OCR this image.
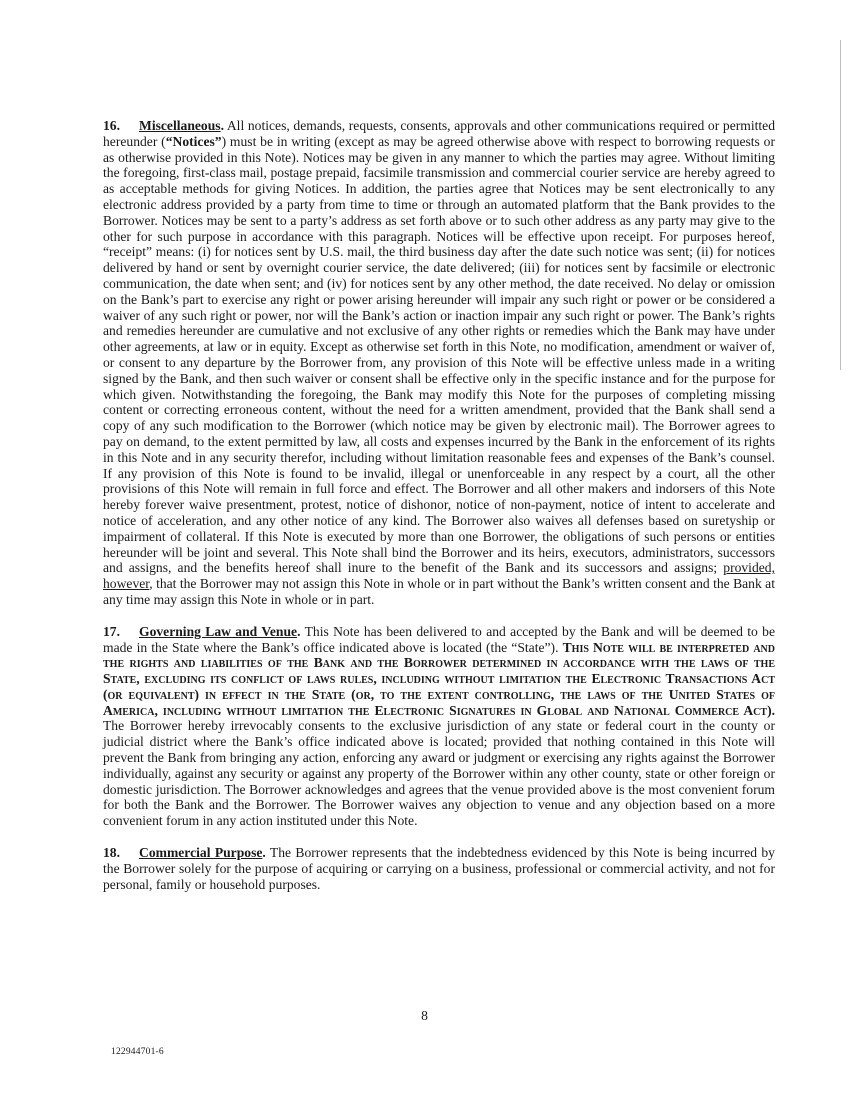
16. Miscellaneous. All notices, demands, requests, consents, approvals and other communications required or permitted hereunder (“Notices”) must be in writing (except as may be agreed otherwise above with respect to borrowing requests or as otherwise provided in this Note). Notices may be given in any manner to which the parties may agree. Without limiting the foregoing, first-class mail, postage prepaid, facsimile transmission and commercial courier service are hereby agreed to as acceptable methods for giving Notices. In addition, the parties agree that Notices may be sent electronically to any electronic address provided by a party from time to time or through an automated platform that the Bank provides to the Borrower. Notices may be sent to a party’s address as set forth above or to such other address as any party may give to the other for such purpose in accordance with this paragraph. Notices will be effective upon receipt. For purposes hereof, “receipt” means: (i) for notices sent by U.S. mail, the third business day after the date such notice was sent; (ii) for notices delivered by hand or sent by overnight courier service, the date delivered; (iii) for notices sent by facsimile or electronic communication, the date when sent; and (iv) for notices sent by any other method, the date received. No delay or omission on the Bank’s part to exercise any right or power arising hereunder will impair any such right or power or be considered a waiver of any such right or power, nor will the Bank’s action or inaction impair any such right or power. The Bank’s rights and remedies hereunder are cumulative and not exclusive of any other rights or remedies which the Bank may have under other agreements, at law or in equity. Except as otherwise set forth in this Note, no modification, amendment or waiver of, or consent to any departure by the Borrower from, any provision of this Note will be effective unless made in a writing signed by the Bank, and then such waiver or consent shall be effective only in the specific instance and for the purpose for which given. Notwithstanding the foregoing, the Bank may modify this Note for the purposes of completing missing content or correcting erroneous content, without the need for a written amendment, provided that the Bank shall send a copy of any such modification to the Borrower (which notice may be given by electronic mail). The Borrower agrees to pay on demand, to the extent permitted by law, all costs and expenses incurred by the Bank in the enforcement of its rights in this Note and in any security therefor, including without limitation reasonable fees and expenses of the Bank’s counsel. If any provision of this Note is found to be invalid, illegal or unenforceable in any respect by a court, all the other provisions of this Note will remain in full force and effect. The Borrower and all other makers and indorsers of this Note hereby forever waive presentment, protest, notice of dishonor, notice of non-payment, notice of intent to accelerate and notice of acceleration, and any other notice of any kind. The Borrower also waives all defenses based on suretyship or impairment of collateral. If this Note is executed by more than one Borrower, the obligations of such persons or entities hereunder will be joint and several. This Note shall bind the Borrower and its heirs, executors, administrators, successors and assigns, and the benefits hereof shall inure to the benefit of the Bank and its successors and assigns; provided, however, that the Borrower may not assign this Note in whole or in part without the Bank’s written consent and the Bank at any time may assign this Note in whole or in part.

17. Governing Law and Venue. This Note has been delivered to and accepted by the Bank and will be deemed to be made in the State where the Bank’s office indicated above is located (the “State”). This Note will be interpreted and the rights and liabilities of the Bank and the Borrower determined in accordance with the laws of the State, excluding its conflict of laws rules, including without limitation the Electronic Transactions Act (or equivalent) in effect in the State (or, to the extent controlling, the laws of the United States of America, including without limitation the Electronic Signatures in Global and National Commerce Act). The Borrower hereby irrevocably consents to the exclusive jurisdiction of any state or federal court in the county or judicial district where the Bank’s office indicated above is located; provided that nothing contained in this Note will prevent the Bank from bringing any action, enforcing any award or judgment or exercising any rights against the Borrower individually, against any security or against any property of the Borrower within any other county, state or other foreign or domestic jurisdiction. The Borrower acknowledges and agrees that the venue provided above is the most convenient forum for both the Bank and the Borrower. The Borrower waives any objection to venue and any objection based on a more convenient forum in any action instituted under this Note.

18. Commercial Purpose. The Borrower represents that the indebtedness evidenced by this Note is being incurred by the Borrower solely for the purpose of acquiring or carrying on a business, professional or commercial activity, and not for personal, family or household purposes.

8
122944701-6
